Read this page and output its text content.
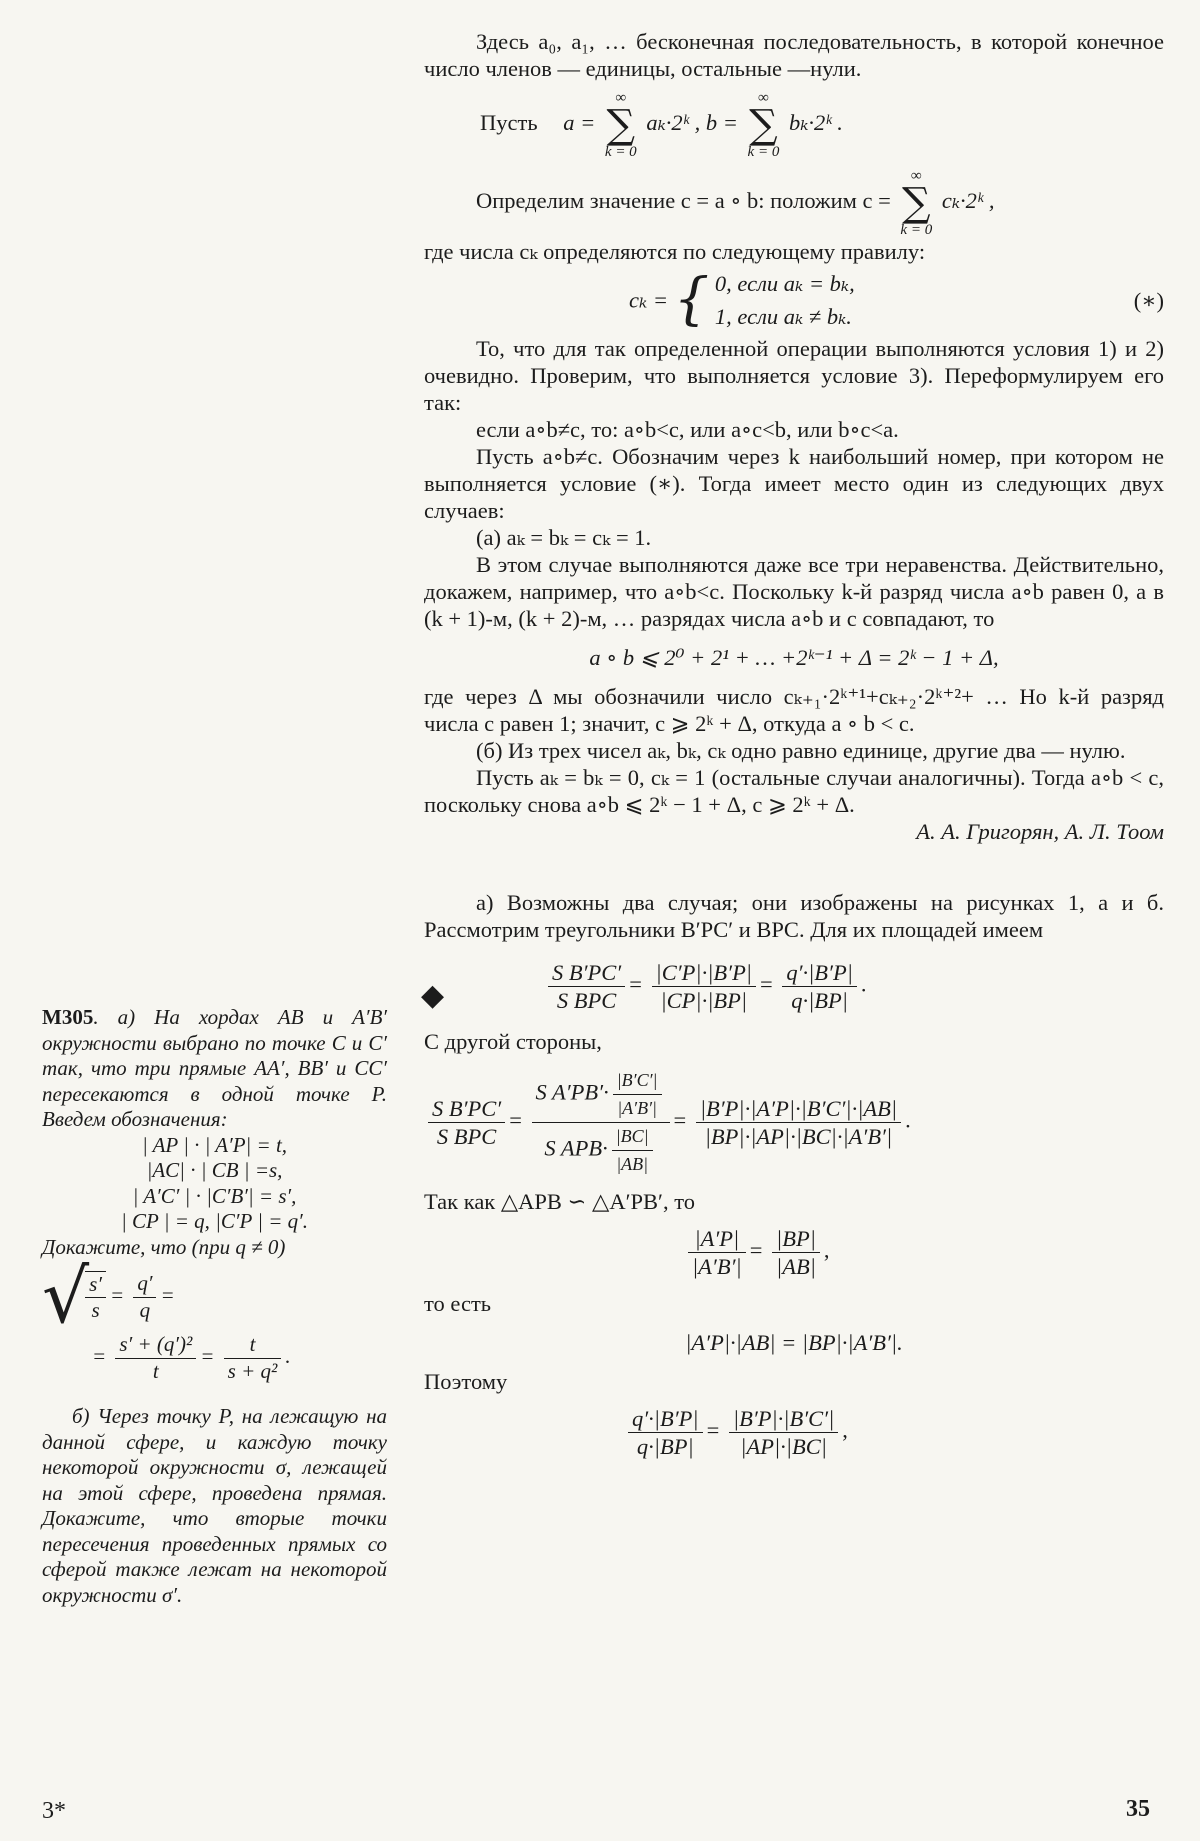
Здесь a₀, a₁, … бесконечная последовательность, в которой конечное число членов — единицы, остальные —нули.

Пусть a =
∞
∑
k = 0
aₖ·2ᵏ , b =
∞
∑
k = 0
bₖ·2ᵏ .
Определим значение c = a ∘ b: положим c =
∞
∑
k = 0
cₖ·2ᵏ ,

где числа cₖ определяются по следующему правилу:

cₖ = { 0, если aₖ = bₖ,
1, если aₖ ≠ bₖ.
(∗)

То, что для так определенной операции выполняются условия 1) и 2) очевидно. Проверим, что выполняется условие 3). Переформулируем его так:

если a∘b≠c, то: a∘b<c, или a∘c<b, или b∘c<a.

Пусть a∘b≠c. Обозначим через k наибольший номер, при котором не выполняется условие (∗). Тогда имеет место один из следующих двух случаев:

(а) aₖ = bₖ = cₖ = 1.

В этом случае выполняются даже все три неравенства. Действительно, докажем, например, что a∘b<c. Поскольку k-й разряд числа a∘b равен 0, а в (k + 1)-м, (k + 2)-м, … разрядах числа a∘b и c совпадают, то

a ∘ b ⩽ 2⁰ + 2¹ + … +2ᵏ⁻¹ + Δ = 2ᵏ − 1 + Δ,

где через Δ мы обозначили число cₖ₊₁·2ᵏ⁺¹+cₖ₊₂·2ᵏ⁺²+ … Но k-й разряд числа c равен 1; значит, c ⩾ 2ᵏ + Δ, откуда a ∘ b < c.

(б) Из трех чисел aₖ, bₖ, cₖ одно равно единице, другие два — нулю.

Пусть aₖ = bₖ = 0, cₖ = 1 (остальные случаи аналогичны). Тогда a∘b < c, поскольку снова a∘b ⩽ 2ᵏ − 1 + Δ, c ⩾ 2ᵏ + Δ.

А. А. Григорян, А. Л. Тоом

а) Возможны два случая; они изображены на рисунках 1, а и б. Рассмотрим треугольники B′PC′ и BPC. Для их площадей имеем

$\frac{\text{S B′PC′}}{\text{S BPC}} = \frac{|C'P|\cdot|B'P|}{|CP|\cdot|BP|} = \frac{q'\cdot|B'P|}{q\cdot|BP|}$ .

С другой стороны,

$\frac{\text{S B′PC′}}{\text{S BPC}} = \frac{S A'PB'\cdot \frac{|B'C'|}{|A'B'|}}{S APB\cdot \frac{|BC|}{|AB|}} = \frac{|B'P|\cdot|A'P|\cdot|B'C'|\cdot|AB|}{|BP|\cdot|AP|\cdot|BC|\cdot|A'B'|}$ .

Так как △APB ∽ △A′PB′, то

$\frac{|A'P|}{|A'B'|} = \frac{|BP|}{|AB|}$ ,

то есть

|A′P|·|AB| = |BP|·|A′B′|.

Поэтому

$\frac{q'\cdot|B'P|}{q\cdot|BP|} = \frac{|B'P|\cdot|B'C'|}{|AP|\cdot|BC|}$ ,
◆

М305. а) На хордах AB и A′B′ окружности выбрано по точке C и C′ так, что три прямые AA′, BB′ и CC′ пересекаются в одной точке P. Введем обозначения:

| AP | · | A′P| = t,
|AC| · | CB | =s,
| A′C′ | · |C′B′| = s′,
| CP | = q, |C′P | = q′.
Докажите, что (при q ≠ 0)
√
$\frac{s'}{s} = \frac{q'}{q}$ =
= $\frac{\text{s′ + (q′)²}}{t} = \frac{t}{\text{s + q²}}$ .

б) Через точку P, на лежащую на данной сфере, и каждую точку некоторой окружности σ, лежащей на этой сфере, проведена прямая. Докажите, что вторые точки пересечения проведенных прямых со сферой также лежат на некоторой окружности σ′.

3*	35
